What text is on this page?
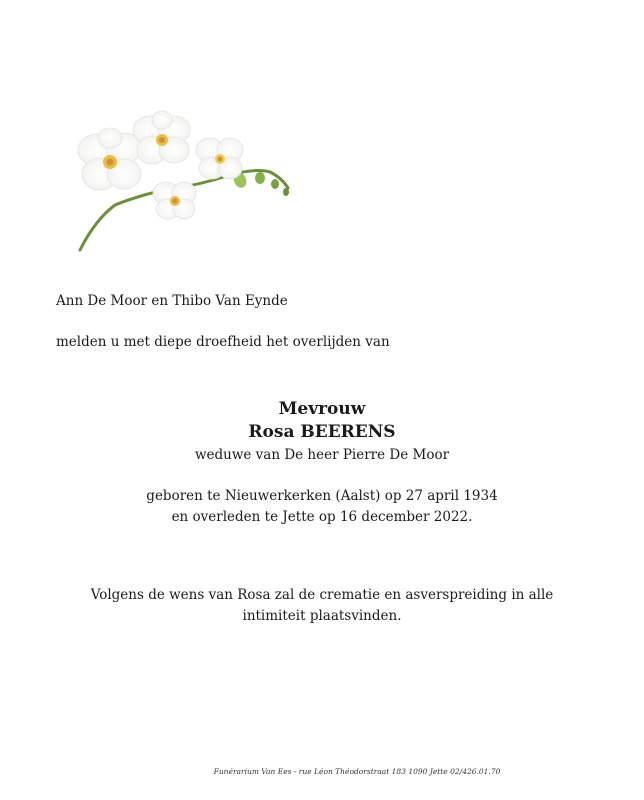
Ann De Moor en Thibo Van Eynde
melden u met diepe droefheid het overlijden van
Mevrouw
Rosa BEERENS
weduwe van De heer Pierre De Moor
geboren te Nieuwerkerken (Aalst) op 27 april 1934
en overleden te Jette op 16 december 2022.
Volgens de wens van Rosa zal de crematie en asverspreiding in alle intimiteit plaatsvinden.
Funérarium Van Ees - rue Léon Théodorstraat 183 1090 Jette 02/426.01.70
